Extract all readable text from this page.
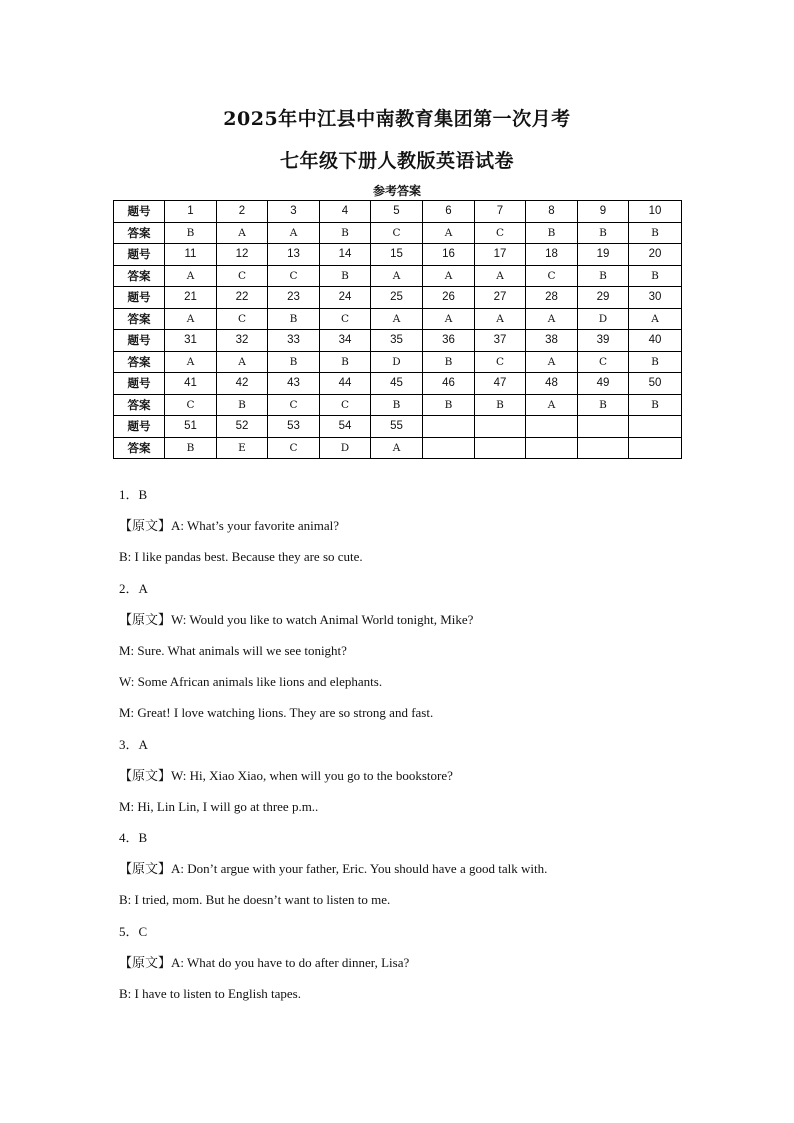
2025年中江县中南教育集团第一次月考
七年级下册人教版英语试卷
参考答案
题号	1	2	3	4	5	6	7	8	9	10
答案	B	A	A	B	C	A	C	B	B	B
题号	11	12	13	14	15	16	17	18	19	20
答案	A	C	C	B	A	A	A	C	B	B
题号	21	22	23	24	25	26	27	28	29	30
答案	A	C	B	C	A	A	A	A	D	A
题号	31	32	33	34	35	36	37	38	39	40
答案	A	A	B	B	D	B	C	A	C	B
题号	41	42	43	44	45	46	47	48	49	50
答案	C	B	C	C	B	B	B	A	B	B
题号	51	52	53	54	55					
答案	B	E	C	D	A					
1．B
【原文】A: What’s your favorite animal?
B: I like pandas best. Because they are so cute.
2．A
【原文】W: Would you like to watch Animal World tonight, Mike?
M: Sure. What animals will we see tonight?
W: Some African animals like lions and elephants.
M: Great! I love watching lions. They are so strong and fast.
3．A
【原文】W: Hi, Xiao Xiao, when will you go to the bookstore?
M: Hi, Lin Lin, I will go at three p.m..
4．B
【原文】A: Don’t argue with your father, Eric. You should have a good talk with.
B: I tried, mom. But he doesn’t want to listen to me.
5．C
【原文】A: What do you have to do after dinner, Lisa?
B: I have to listen to English tapes.
